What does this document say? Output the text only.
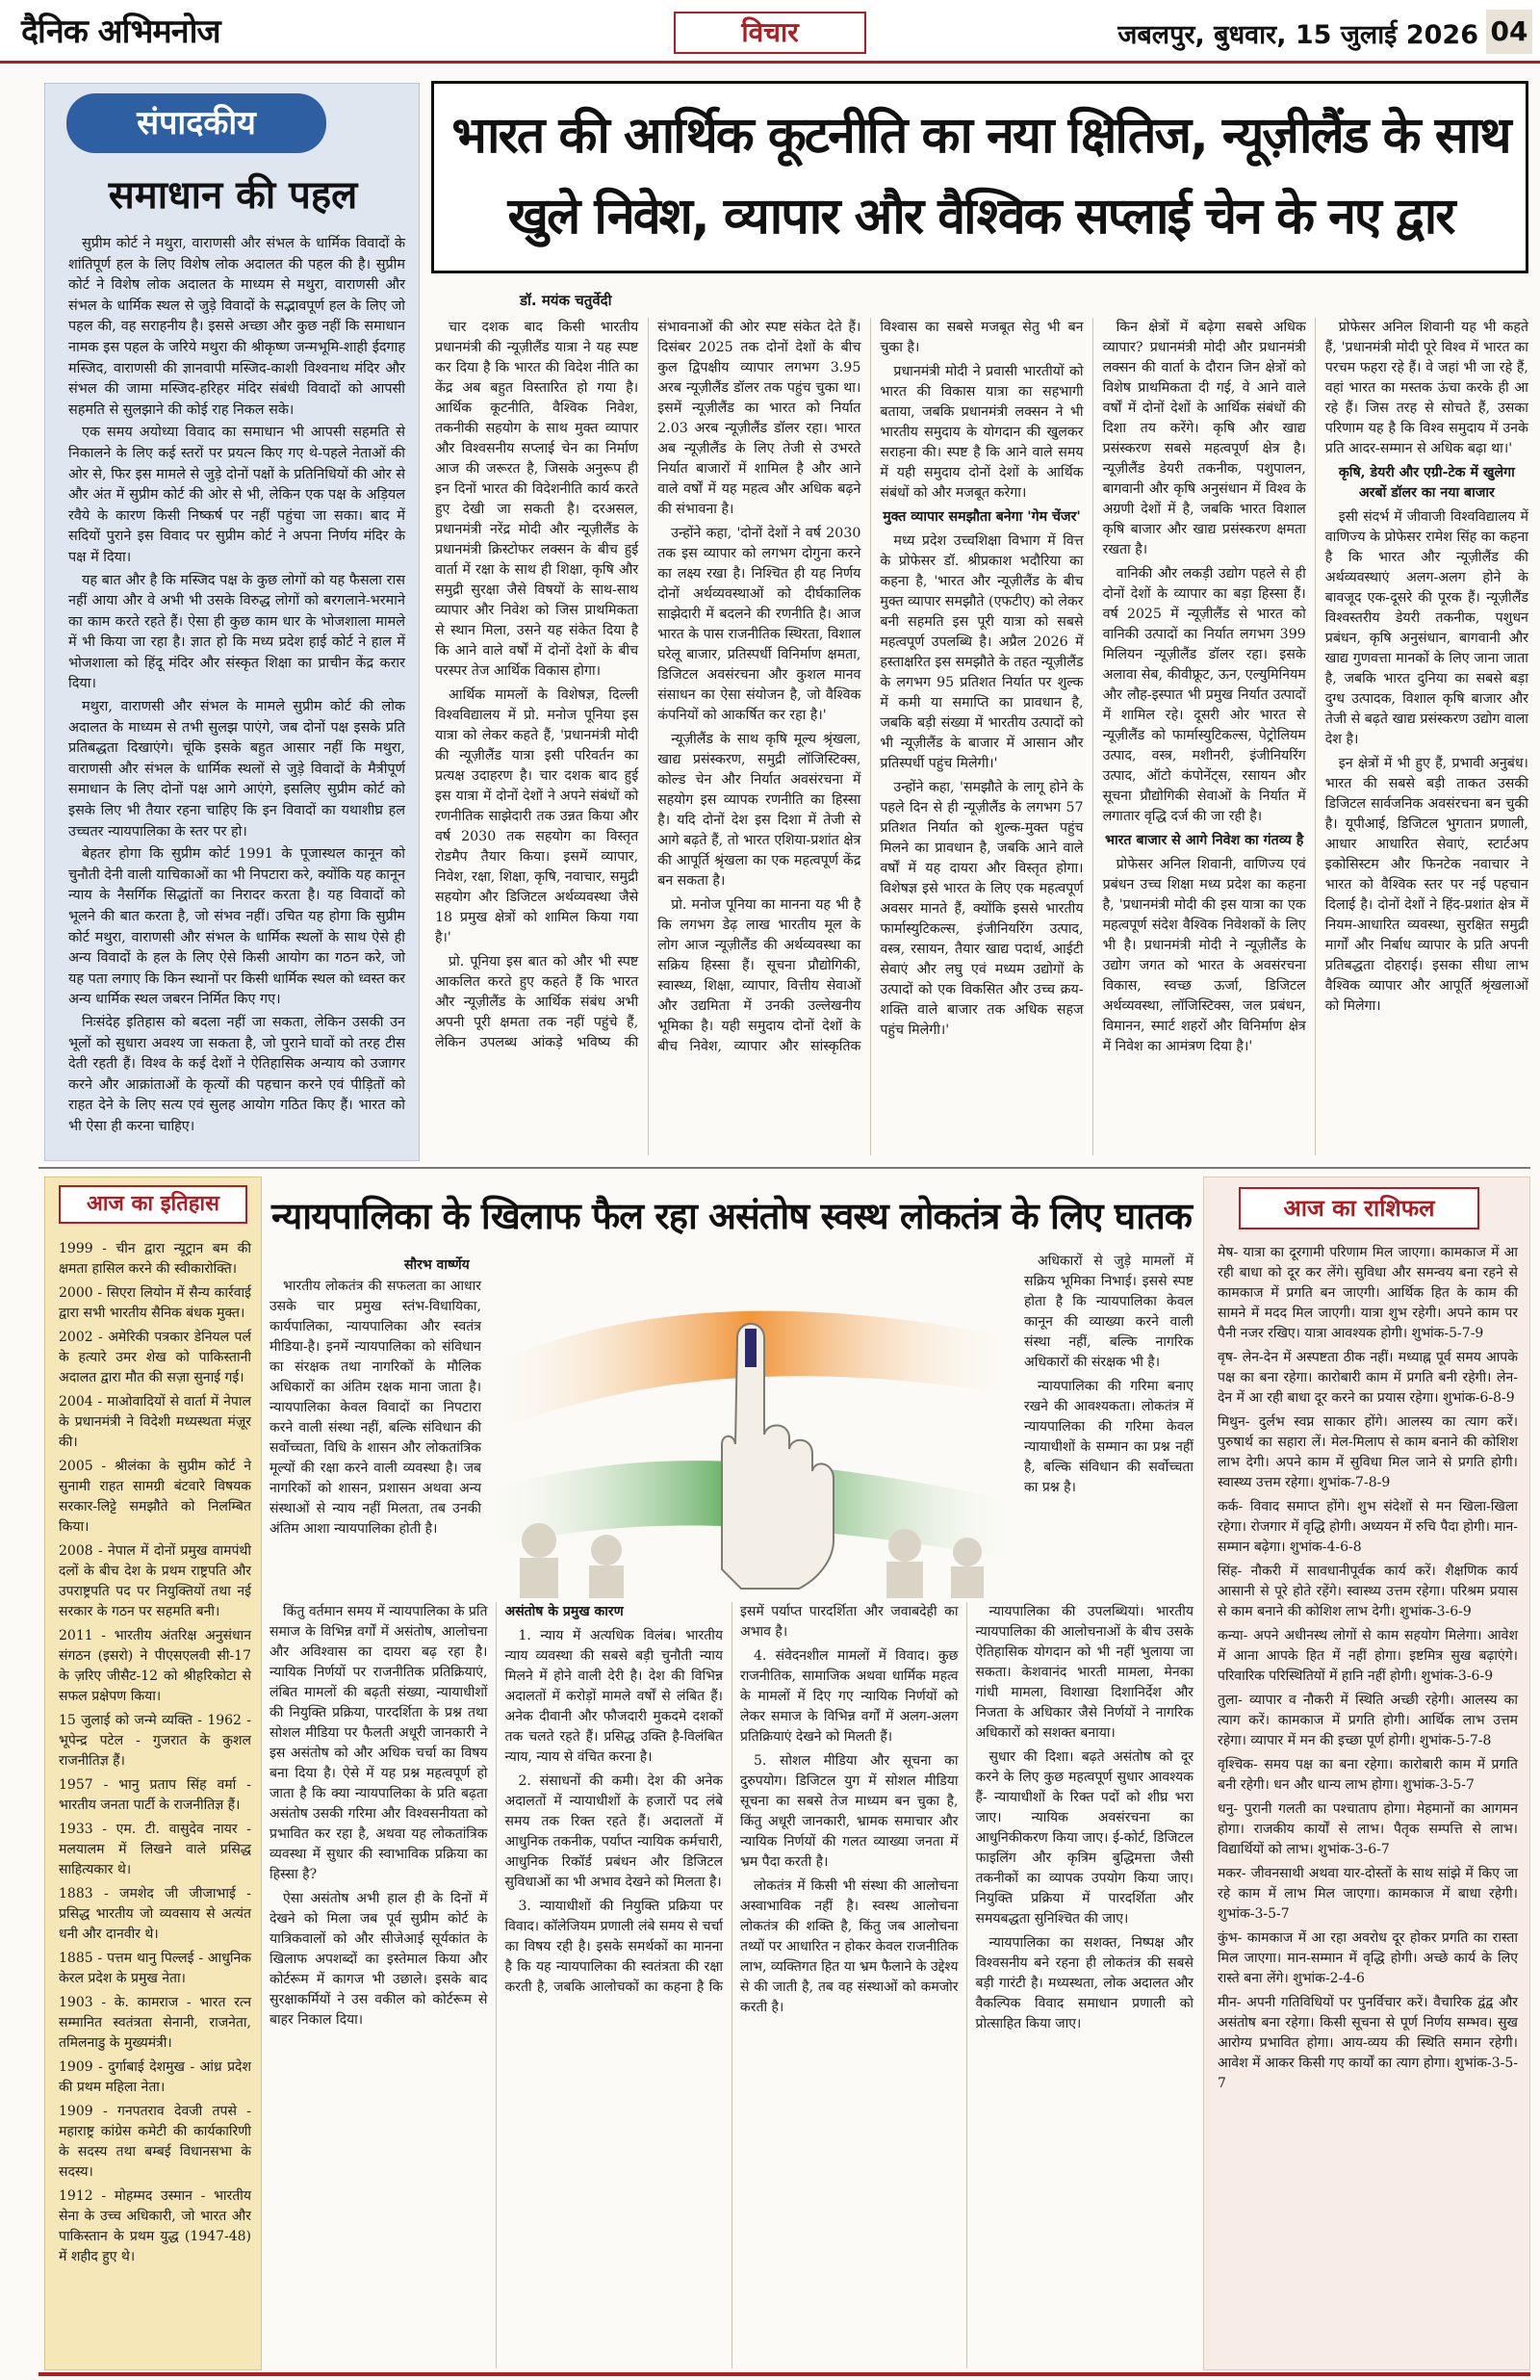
दैनिक अभिमनोज	विचार	जबलपुर, बुधवार, 15 जुलाई 2026 04
संपादकीय
समाधान की पहल

सुप्रीम कोर्ट ने मथुरा, वाराणसी और संभल के धार्मिक विवादों के शांतिपूर्ण हल के लिए विशेष लोक अदालत की पहल की है। सुप्रीम कोर्ट ने विशेष लोक अदालत के माध्यम से मथुरा, वाराणसी और संभल के धार्मिक स्थल से जुड़े विवादों के सद्भावपूर्ण हल के लिए जो पहल की, वह सराहनीय है। इससे अच्छा और कुछ नहीं कि समाधान नामक इस पहल के जरिये मथुरा की श्रीकृष्ण जन्मभूमि-शाही ईदगाह मस्जिद, वाराणसी की ज्ञानवापी मस्जिद-काशी विश्वनाथ मंदिर और संभल की जामा मस्जिद-हरिहर मंदिर संबंधी विवादों को आपसी सहमति से सुलझाने की कोई राह निकल सके।

एक समय अयोध्या विवाद का समाधान भी आपसी सहमति से निकालने के लिए कई स्तरों पर प्रयत्न किए गए थे-पहले नेताओं की ओर से, फिर इस मामले से जुड़े दोनों पक्षों के प्रतिनिधियों की ओर से और अंत में सुप्रीम कोर्ट की ओर से भी, लेकिन एक पक्ष के अड़ियल रवैये के कारण किसी निष्कर्ष पर नहीं पहुंचा जा सका। बाद में सदियों पुराने इस विवाद पर सुप्रीम कोर्ट ने अपना निर्णय मंदिर के पक्ष में दिया।

यह बात और है कि मस्जिद पक्ष के कुछ लोगों को यह फैसला रास नहीं आया और वे अभी भी उसके विरुद्ध लोगों को बरगलाने-भरमाने का काम करते रहते हैं। ऐसा ही कुछ काम धार के भोजशाला मामले में भी किया जा रहा है। ज्ञात हो कि मध्य प्रदेश हाई कोर्ट ने हाल में भोजशाला को हिंदू मंदिर और संस्कृत शिक्षा का प्राचीन केंद्र करार दिया।

मथुरा, वाराणसी और संभल के मामले सुप्रीम कोर्ट की लोक अदालत के माध्यम से तभी सुलझ पाएंगे, जब दोनों पक्ष इसके प्रति प्रतिबद्धता दिखाएंगे। चूंकि इसके बहुत आसार नहीं कि मथुरा, वाराणसी और संभल के धार्मिक स्थलों से जुड़े विवादों के मैत्रीपूर्ण समाधान के लिए दोनों पक्ष आगे आएंगे, इसलिए सुप्रीम कोर्ट को इसके लिए भी तैयार रहना चाहिए कि इन विवादों का यथाशीघ्र हल उच्चतर न्यायपालिका के स्तर पर हो।

बेहतर होगा कि सुप्रीम कोर्ट 1991 के पूजास्थल कानून को चुनौती देनी वाली याचिकाओं का भी निपटारा करे, क्योंकि यह कानून न्याय के नैसर्गिक सिद्धांतों का निरादर करता है। यह विवादों को भूलने की बात करता है, जो संभव नहीं। उचित यह होगा कि सुप्रीम कोर्ट मथुरा, वाराणसी और संभल के धार्मिक स्थलों के साथ ऐसे ही अन्य विवादों के हल के लिए ऐसे किसी आयोग का गठन करे, जो यह पता लगाए कि किन स्थानों पर किसी धार्मिक स्थल को ध्वस्त कर अन्य धार्मिक स्थल जबरन निर्मित किए गए।

निःसंदेह इतिहास को बदला नहीं जा सकता, लेकिन उसकी उन भूलों को सुधारा अवश्य जा सकता है, जो पुराने घावों को तरह टीस देती रहती हैं। विश्व के कई देशों ने ऐतिहासिक अन्याय को उजागर करने और आक्रांताओं के कृत्यों की पहचान करने एवं पीड़ितों को राहत देने के लिए सत्य एवं सुलह आयोग गठित किए हैं। भारत को भी ऐसा ही करना चाहिए।

भारत की आर्थिक कूटनीति का नया क्षितिज, न्यूज़ीलैंड के साथ खुले निवेश, व्यापार और वैश्विक सप्लाई चेन के नए द्वार
डॉ. मयंक चतुर्वेदी

चार दशक बाद किसी भारतीय प्रधानमंत्री की न्यूज़ीलैंड यात्रा ने यह स्पष्ट कर दिया है कि भारत की विदेश नीति का केंद्र अब बहुत विस्तारित हो गया है। आर्थिक कूटनीति, वैश्विक निवेश, तकनीकी सहयोग के साथ मुक्त व्यापार और विश्वसनीय सप्लाई चेन का निर्माण आज की जरूरत है, जिसके अनुरूप ही इन दिनों भारत की विदेशनीति कार्य करते हुए देखी जा सकती है। दरअसल, प्रधानमंत्री नरेंद्र मोदी और न्यूज़ीलैंड के प्रधानमंत्री क्रिस्टोफर लक्सन के बीच हुई वार्ता में रक्षा के साथ ही शिक्षा, कृषि और समुद्री सुरक्षा जैसे विषयों के साथ-साथ व्यापार और निवेश को जिस प्राथमिकता से स्थान मिला, उसने यह संकेत दिया है कि आने वाले वर्षों में दोनों देशों के बीच परस्पर तेज आर्थिक विकास होगा।

आर्थिक मामलों के विशेषज्ञ, दिल्ली विश्वविद्यालय में प्रो. मनोज पूनिया इस यात्रा को लेकर कहते हैं, 'प्रधानमंत्री मोदी की न्यूज़ीलैंड यात्रा इसी परिवर्तन का प्रत्यक्ष उदाहरण है। चार दशक बाद हुई इस यात्रा में दोनों देशों ने अपने संबंधों को रणनीतिक साझेदारी तक उन्नत किया और वर्ष 2030 तक सहयोग का विस्तृत रोडमैप तैयार किया। इसमें व्यापार, निवेश, रक्षा, शिक्षा, कृषि, नवाचार, समुद्री सहयोग और डिजिटल अर्थव्यवस्था जैसे 18 प्रमुख क्षेत्रों को शामिल किया गया है।'

प्रो. पूनिया इस बात को और भी स्पष्ट आकलित करते हुए कहते हैं कि भारत और न्यूज़ीलैंड के आर्थिक संबंध अभी अपनी पूरी क्षमता तक नहीं पहुंचे हैं, लेकिन उपलब्ध आंकड़े भविष्य की संभावनाओं की ओर स्पष्ट संकेत देते हैं। दिसंबर 2025 तक दोनों देशों के बीच कुल द्विपक्षीय व्यापार लगभग 3.95 अरब न्यूज़ीलैंड डॉलर तक पहुंच चुका था। इसमें न्यूज़ीलैंड का भारत को निर्यात 2.03 अरब न्यूज़ीलैंड डॉलर रहा। भारत अब न्यूज़ीलैंड के लिए तेजी से उभरते निर्यात बाजारों में शामिल है और आने वाले वर्षों में यह महत्व और अधिक बढ़ने की संभावना है।

उन्होंने कहा, 'दोनों देशों ने वर्ष 2030 तक इस व्यापार को लगभग दोगुना करने का लक्ष्य रखा है। निश्चित ही यह निर्णय दोनों अर्थव्यवस्थाओं को दीर्घकालिक साझेदारी में बदलने की रणनीति है। आज भारत के पास राजनीतिक स्थिरता, विशाल घरेलू बाजार, प्रतिस्पर्धी विनिर्माण क्षमता, डिजिटल अवसंरचना और कुशल मानव संसाधन का ऐसा संयोजन है, जो वैश्विक कंपनियों को आकर्षित कर रहा है।'

न्यूज़ीलैंड के साथ कृषि मूल्य श्रृंखला, खाद्य प्रसंस्करण, समुद्री लॉजिस्टिक्स, कोल्ड चेन और निर्यात अवसंरचना में सहयोग इस व्यापक रणनीति का हिस्सा है। यदि दोनों देश इस दिशा में तेजी से आगे बढ़ते हैं, तो भारत एशिया-प्रशांत क्षेत्र की आपूर्ति श्रृंखला का एक महत्वपूर्ण केंद्र बन सकता है।

प्रो. मनोज पूनिया का मानना यह भी है कि लगभग डेढ़ लाख भारतीय मूल के लोग आज न्यूज़ीलैंड की अर्थव्यवस्था का सक्रिय हिस्सा हैं। सूचना प्रौद्योगिकी, स्वास्थ्य, शिक्षा, व्यापार, वित्तीय सेवाओं और उद्यमिता में उनकी उल्लेखनीय भूमिका है। यही समुदाय दोनों देशों के बीच निवेश, व्यापार और सांस्कृतिक विश्वास का सबसे मजबूत सेतु भी बन चुका है।

प्रधानमंत्री मोदी ने प्रवासी भारतीयों को भारत की विकास यात्रा का सहभागी बताया, जबकि प्रधानमंत्री लक्सन ने भी भारतीय समुदाय के योगदान की खुलकर सराहना की। स्पष्ट है कि आने वाले समय में यही समुदाय दोनों देशों के आर्थिक संबंधों को और मजबूत करेगा।

मुक्त व्यापार समझौता बनेगा 'गेम चेंजर'

मध्य प्रदेश उच्चशिक्षा विभाग में वित्त के प्रोफेसर डॉ. श्रीप्रकाश भदौरिया का कहना है, 'भारत और न्यूज़ीलैंड के बीच मुक्त व्यापार समझौते (एफटीए) को लेकर बनी सहमति इस पूरी यात्रा को सबसे महत्वपूर्ण उपलब्धि है। अप्रैल 2026 में हस्ताक्षरित इस समझौते के तहत न्यूज़ीलैंड के लगभग 95 प्रतिशत निर्यात पर शुल्क में कमी या समाप्ति का प्रावधान है, जबकि बड़ी संख्या में भारतीय उत्पादों को भी न्यूज़ीलैंड के बाजार में आसान और प्रतिस्पर्धी पहुंच मिलेगी।'

उन्होंने कहा, 'समझौते के लागू होने के पहले दिन से ही न्यूज़ीलैंड के लगभग 57 प्रतिशत निर्यात को शुल्क-मुक्त पहुंच मिलने का प्रावधान है, जबकि आने वाले वर्षों में यह दायरा और विस्तृत होगा। विशेषज्ञ इसे भारत के लिए एक महत्वपूर्ण अवसर मानते हैं, क्योंकि इससे भारतीय फार्मास्युटिकल्स, इंजीनियरिंग उत्पाद, वस्त्र, रसायन, तैयार खाद्य पदार्थ, आईटी सेवाएं और लघु एवं मध्यम उद्योगों के उत्पादों को एक विकसित और उच्च क्रय-शक्ति वाले बाजार तक अधिक सहज पहुंच मिलेगी।'

किन क्षेत्रों में बढ़ेगा सबसे अधिक व्यापार? प्रधानमंत्री मोदी और प्रधानमंत्री लक्सन की वार्ता के दौरान जिन क्षेत्रों को विशेष प्राथमिकता दी गई, वे आने वाले वर्षों में दोनों देशों के आर्थिक संबंधों की दिशा तय करेंगे। कृषि और खाद्य प्रसंस्करण सबसे महत्वपूर्ण क्षेत्र है। न्यूज़ीलैंड डेयरी तकनीक, पशुपालन, बागवानी और कृषि अनुसंधान में विश्व के अग्रणी देशों में है, जबकि भारत विशाल कृषि बाजार और खाद्य प्रसंस्करण क्षमता रखता है।

वानिकी और लकड़ी उद्योग पहले से ही दोनों देशों के व्यापार का बड़ा हिस्सा हैं। वर्ष 2025 में न्यूज़ीलैंड से भारत को वानिकी उत्पादों का निर्यात लगभग 399 मिलियन न्यूज़ीलैंड डॉलर रहा। इसके अलावा सेब, कीवीफ्रूट, ऊन, एल्युमिनियम और लौह-इस्पात भी प्रमुख निर्यात उत्पादों में शामिल रहे। दूसरी ओर भारत से न्यूज़ीलैंड को फार्मास्युटिकल्स, पेट्रोलियम उत्पाद, वस्त्र, मशीनरी, इंजीनियरिंग उत्पाद, ऑटो कंपोनेंट्स, रसायन और सूचना प्रौद्योगिकी सेवाओं के निर्यात में लगातार वृद्धि दर्ज की जा रही है।

भारत बाजार से आगे निवेश का गंतव्य है

प्रोफेसर अनिल शिवानी, वाणिज्य एवं प्रबंधन उच्च शिक्षा मध्य प्रदेश का कहना है, 'प्रधानमंत्री मोदी की इस यात्रा का एक महत्वपूर्ण संदेश वैश्विक निवेशकों के लिए भी है। प्रधानमंत्री मोदी ने न्यूज़ीलैंड के उद्योग जगत को भारत के अवसंरचना विकास, स्वच्छ ऊर्जा, डिजिटल अर्थव्यवस्था, लॉजिस्टिक्स, जल प्रबंधन, विमानन, स्मार्ट शहरों और विनिर्माण क्षेत्र में निवेश का आमंत्रण दिया है।'

प्रोफेसर अनिल शिवानी यह भी कहते हैं, 'प्रधानमंत्री मोदी पूरे विश्व में भारत का परचम फहरा रहे हैं। वे जहां भी जा रहे हैं, वहां भारत का मस्तक ऊंचा करके ही आ रहे हैं। जिस तरह से सोचते हैं, उसका परिणाम यह है कि विश्व समुदाय में उनके प्रति आदर-सम्मान से अधिक बढ़ा था।'

कृषि, डेयरी और एग्री-टेक में खुलेगा अरबों डॉलर का नया बाजार

इसी संदर्भ में जीवाजी विश्वविद्यालय में वाणिज्य के प्रोफेसर रामेश सिंह का कहना है कि भारत और न्यूज़ीलैंड की अर्थव्यवस्थाएं अलग-अलग होने के बावजूद एक-दूसरे की पूरक हैं। न्यूज़ीलैंड विश्वस्तरीय डेयरी तकनीक, पशुधन प्रबंधन, कृषि अनुसंधान, बागवानी और खाद्य गुणवत्ता मानकों के लिए जाना जाता है, जबकि भारत दुनिया का सबसे बड़ा दुग्ध उत्पादक, विशाल कृषि बाजार और तेजी से बढ़ते खाद्य प्रसंस्करण उद्योग वाला देश है।

इन क्षेत्रों में भी हुए हैं, प्रभावी अनुबंध। भारत की सबसे बड़ी ताकत उसकी डिजिटल सार्वजनिक अवसंरचना बन चुकी है। यूपीआई, डिजिटल भुगतान प्रणाली, आधार आधारित सेवाएं, स्टार्टअप इकोसिस्टम और फिनटेक नवाचार ने भारत को वैश्विक स्तर पर नई पहचान दिलाई है। दोनों देशों ने हिंद-प्रशांत क्षेत्र में नियम-आधारित व्यवस्था, सुरक्षित समुद्री मार्गों और निर्बाध व्यापार के प्रति अपनी प्रतिबद्धता दोहराई। इसका सीधा लाभ वैश्विक व्यापार और आपूर्ति श्रृंखलाओं को मिलेगा।

आज का इतिहास

1999 - चीन द्वारा न्यूट्रान बम की क्षमता हासिल करने की स्वीकारोक्ति।

2000 - सिएरा लियोन में सैन्य कार्रवाई द्वारा सभी भारतीय सैनिक बंधक मुक्त।

2002 - अमेरिकी पत्रकार डेनियल पर्ल के हत्यारे उमर शेख को पाकिस्तानी अदालत द्वारा मौत की सज़ा सुनाई गई।

2004 - माओवादियों से वार्ता में नेपाल के प्रधानमंत्री ने विदेशी मध्यस्थता मंज़ूर की।

2005 - श्रीलंका के सुप्रीम कोर्ट ने सुनामी राहत सामग्री बंटवारे विषयक सरकार-लिट्टे समझौते को निलम्बित किया।

2008 - नेपाल में दोनों प्रमुख वामपंथी दलों के बीच देश के प्रथम राष्ट्रपति और उपराष्ट्रपति पद पर नियुक्तियों तथा नई सरकार के गठन पर सहमति बनी।

2011 - भारतीय अंतरिक्ष अनुसंधान संगठन (इसरो) ने पीएसएलवी सी-17 के ज़रिए जीसैट-12 को श्रीहरिकोटा से सफल प्रक्षेपण किया।

15 जुलाई को जन्मे व्यक्ति - 1962 - भूपेन्द्र पटेल - गुजरात के कुशल राजनीतिज्ञ हैं।

1957 - भानु प्रताप सिंह वर्मा - भारतीय जनता पार्टी के राजनीतिज्ञ हैं।

1933 - एम. टी. वासुदेव नायर - मलयालम में लिखने वाले प्रसिद्ध साहित्यकार थे।

1883 - जमशेद जी जीजाभाई - प्रसिद्ध भारतीय जो व्यवसाय से अत्यंत धनी और दानवीर थे।

1885 - पत्तम थानु पिल्लई - आधुनिक केरल प्रदेश के प्रमुख नेता।

1903 - के. कामराज - भारत रत्न सम्मानित स्वतंत्रता सेनानी, राजनेता, तमिलनाडु के मुख्यमंत्री।

1909 - दुर्गाबाई देशमुख - आंध्र प्रदेश की प्रथम महिला नेता।

1909 - गनपतराव देवजी तपसे - महाराष्ट्र कांग्रेस कमेटी की कार्यकारिणी के सदस्य तथा बम्बई विधानसभा के सदस्य।

1912 - मोहम्मद उस्मान - भारतीय सेना के उच्च अधिकारी, जो भारत और पाकिस्तान के प्रथम युद्ध (1947-48) में शहीद हुए थे।

न्यायपालिका के खिलाफ फैल रहा असंतोष स्वस्थ लोकतंत्र के लिए घातक
सौरभ वार्ष्णेय

भारतीय लोकतंत्र की सफलता का आधार उसके चार प्रमुख स्तंभ-विधायिका, कार्यपालिका, न्यायपालिका और स्वतंत्र मीडिया-है। इनमें न्यायपालिका को संविधान का संरक्षक तथा नागरिकों के मौलिक अधिकारों का अंतिम रक्षक माना जाता है। न्यायपालिका केवल विवादों का निपटारा करने वाली संस्था नहीं, बल्कि संविधान की सर्वोच्चता, विधि के शासन और लोकतांत्रिक मूल्यों की रक्षा करने वाली व्यवस्था है। जब नागरिकों को शासन, प्रशासन अथवा अन्य संस्थाओं से न्याय नहीं मिलता, तब उनकी अंतिम आशा न्यायपालिका होती है।

अधिकारों से जुड़े मामलों में सक्रिय भूमिका निभाई। इससे स्पष्ट होता है कि न्यायपालिका केवल कानून की व्याख्या करने वाली संस्था नहीं, बल्कि नागरिक अधिकारों की संरक्षक भी है।

न्यायपालिका की गरिमा बनाए रखने की आवश्यकता। लोकतंत्र में न्यायपालिका की गरिमा केवल न्यायाधीशों के सम्मान का प्रश्न नहीं है, बल्कि संविधान की सर्वोच्चता का प्रश्न है।

किंतु वर्तमान समय में न्यायपालिका के प्रति समाज के विभिन्न वर्गों में असंतोष, आलोचना और अविश्वास का दायरा बढ़ रहा है। न्यायिक निर्णयों पर राजनीतिक प्रतिक्रियाएं, लंबित मामलों की बढ़ती संख्या, न्यायाधीशों की नियुक्ति प्रक्रिया, पारदर्शिता के प्रश्न तथा सोशल मीडिया पर फैलती अधूरी जानकारी ने इस असंतोष को और अधिक चर्चा का विषय बना दिया है। ऐसे में यह प्रश्न महत्वपूर्ण हो जाता है कि क्या न्यायपालिका के प्रति बढ़ता असंतोष उसकी गरिमा और विश्वसनीयता को प्रभावित कर रहा है, अथवा यह लोकतांत्रिक व्यवस्था में सुधार की स्वाभाविक प्रक्रिया का हिस्सा है?

ऐसा असंतोष अभी हाल ही के दिनों में देखने को मिला जब पूर्व सुप्रीम कोर्ट के यात्रिकवालों को और सीजेआई सूर्यकांत के खिलाफ अपशब्दों का इस्तेमाल किया और कोर्टरूम में कागज भी उछाले। इसके बाद सुरक्षाकर्मियों ने उस वकील को कोर्टरूम से बाहर निकाल दिया।

असंतोष के प्रमुख कारण

1. न्याय में अत्यधिक विलंब। भारतीय न्याय व्यवस्था की सबसे बड़ी चुनौती न्याय मिलने में होने वाली देरी है। देश की विभिन्न अदालतों में करोड़ों मामले वर्षों से लंबित हैं। अनेक दीवानी और फौजदारी मुकदमे दशकों तक चलते रहते हैं। प्रसिद्ध उक्ति है-विलंबित न्याय, न्याय से वंचित करना है।

2. संसाधनों की कमी। देश की अनेक अदालतों में न्यायाधीशों के हजारों पद लंबे समय तक रिक्त रहते हैं। अदालतों में आधुनिक तकनीक, पर्याप्त न्यायिक कर्मचारी, आधुनिक रिकॉर्ड प्रबंधन और डिजिटल सुविधाओं का भी अभाव देखने को मिलता है।

3. न्यायाधीशों की नियुक्ति प्रक्रिया पर विवाद। कॉलेजियम प्रणाली लंबे समय से चर्चा का विषय रही है। इसके समर्थकों का मानना है कि यह न्यायपालिका की स्वतंत्रता की रक्षा करती है, जबकि आलोचकों का कहना है कि इसमें पर्याप्त पारदर्शिता और जवाबदेही का अभाव है।

4. संवेदनशील मामलों में विवाद। कुछ राजनीतिक, सामाजिक अथवा धार्मिक महत्व के मामलों में दिए गए न्यायिक निर्णयों को लेकर समाज के विभिन्न वर्गों में अलग-अलग प्रतिक्रियाएं देखने को मिलती हैं।

5. सोशल मीडिया और सूचना का दुरुपयोग। डिजिटल युग में सोशल मीडिया सूचना का सबसे तेज माध्यम बन चुका है, किंतु अधूरी जानकारी, भ्रामक समाचार और न्यायिक निर्णयों की गलत व्याख्या जनता में भ्रम पैदा करती है।

लोकतंत्र में किसी भी संस्था की आलोचना अस्वाभाविक नहीं है। स्वस्थ आलोचना लोकतंत्र की शक्ति है, किंतु जब आलोचना तथ्यों पर आधारित न होकर केवल राजनीतिक लाभ, व्यक्तिगत हित या भ्रम फैलाने के उद्देश्य से की जाती है, तब वह संस्थाओं को कमजोर करती है।

न्यायपालिका की उपलब्धियां। भारतीय न्यायपालिका की आलोचनाओं के बीच उसके ऐतिहासिक योगदान को भी नहीं भुलाया जा सकता। केशवानंद भारती मामला, मेनका गांधी मामला, विशाखा दिशानिर्देश और निजता के अधिकार जैसे निर्णयों ने नागरिक अधिकारों को सशक्त बनाया।

सुधार की दिशा। बढ़ते असंतोष को दूर करने के लिए कुछ महत्वपूर्ण सुधार आवश्यक हैं- न्यायाधीशों के रिक्त पदों को शीघ्र भरा जाए। न्यायिक अवसंरचना का आधुनिकीकरण किया जाए। ई-कोर्ट, डिजिटल फाइलिंग और कृत्रिम बुद्धिमत्ता जैसी तकनीकों का व्यापक उपयोग किया जाए। नियुक्ति प्रक्रिया में पारदर्शिता और समयबद्धता सुनिश्चित की जाए।

न्यायपालिका का सशक्त, निष्पक्ष और विश्वसनीय बने रहना ही लोकतंत्र की सबसे बड़ी गारंटी है। मध्यस्थता, लोक अदालत और वैकल्पिक विवाद समाधान प्रणाली को प्रोत्साहित किया जाए।

आज का राशिफल

मेष- यात्रा का दूरगामी परिणाम मिल जाएगा। कामकाज में आ रही बाधा को दूर कर लेंगे। सुविधा और समन्वय बना रहने से कामकाज में प्रगति बन जाएगी। आर्थिक हित के काम की सामने में मदद मिल जाएगी। यात्रा शुभ रहेगी। अपने काम पर पैनी नजर रखिए। यात्रा आवश्यक होगी। शुभांक-5-7-9

वृष- लेन-देन में अस्पष्टता ठीक नहीं। मध्याह्न पूर्व समय आपके पक्ष का बना रहेगा। कारोबारी काम में प्रगति बनी रहेगी। लेन-देन में आ रही बाधा दूर करने का प्रयास रहेगा। शुभांक-6-8-9

मिथुन- दुर्लभ स्वप्न साकार होंगे। आलस्य का त्याग करें। पुरुषार्थ का सहारा लें। मेल-मिलाप से काम बनाने की कोशिश लाभ देगी। अपने काम में सुविधा मिल जाने से प्रगति होगी। स्वास्थ्य उत्तम रहेगा। शुभांक-7-8-9

कर्क- विवाद समाप्त होंगे। शुभ संदेशों से मन खिला-खिला रहेगा। रोजगार में वृद्धि होगी। अध्ययन में रुचि पैदा होगी। मान-सम्मान बढ़ेगा। शुभांक-4-6-8

सिंह- नौकरी में सावधानीपूर्वक कार्य करें। शैक्षणिक कार्य आसानी से पूरे होते रहेंगे। स्वास्थ्य उत्तम रहेगा। परिश्रम प्रयास से काम बनाने की कोशिश लाभ देगी। शुभांक-3-6-9

कन्या- अपने अधीनस्थ लोगों से काम सहयोग मिलेगा। आवेश में आना आपके हित में नहीं होगा। इष्टमित्र सुख बढ़ाएंगे। परिवारिक परिस्थितियों में हानि नहीं होगी। शुभांक-3-6-9

तुला- व्यापार व नौकरी में स्थिति अच्छी रहेगी। आलस्य का त्याग करें। कामकाज में प्रगति होगी। आर्थिक लाभ उत्तम रहेगा। व्यापार में मन की इच्छा पूर्ण होगी। शुभांक-5-7-8

वृश्चिक- समय पक्ष का बना रहेगा। कारोबारी काम में प्रगति बनी रहेगी। धन और धान्य लाभ होगा। शुभांक-3-5-7

धनु- पुरानी गलती का पश्चाताप होगा। मेहमानों का आगमन होगा। राजकीय कार्यों से लाभ। पैतृक सम्पत्ति से लाभ। विद्यार्थियों को लाभ। शुभांक-3-6-7

मकर- जीवनसाथी अथवा यार-दोस्तों के साथ सांझे में किए जा रहे काम में लाभ मिल जाएगा। कामकाज में बाधा रहेगी। शुभांक-3-5-7

कुंभ- कामकाज में आ रहा अवरोध दूर होकर प्रगति का रास्ता मिल जाएगा। मान-सम्मान में वृद्धि होगी। अच्छे कार्य के लिए रास्ते बना लेंगे। शुभांक-2-4-6

मीन- अपनी गतिविधियों पर पुनर्विचार करें। वैचारिक द्वंद्व और असंतोष बना रहेगा। किसी सूचना से पूर्ण निर्णय सम्भव। सुख आरोग्य प्रभावित होगा। आय-व्यय की स्थिति समान रहेगी। आवेश में आकर किसी गए कार्यों का त्याग होगा। शुभांक-3-5-7
